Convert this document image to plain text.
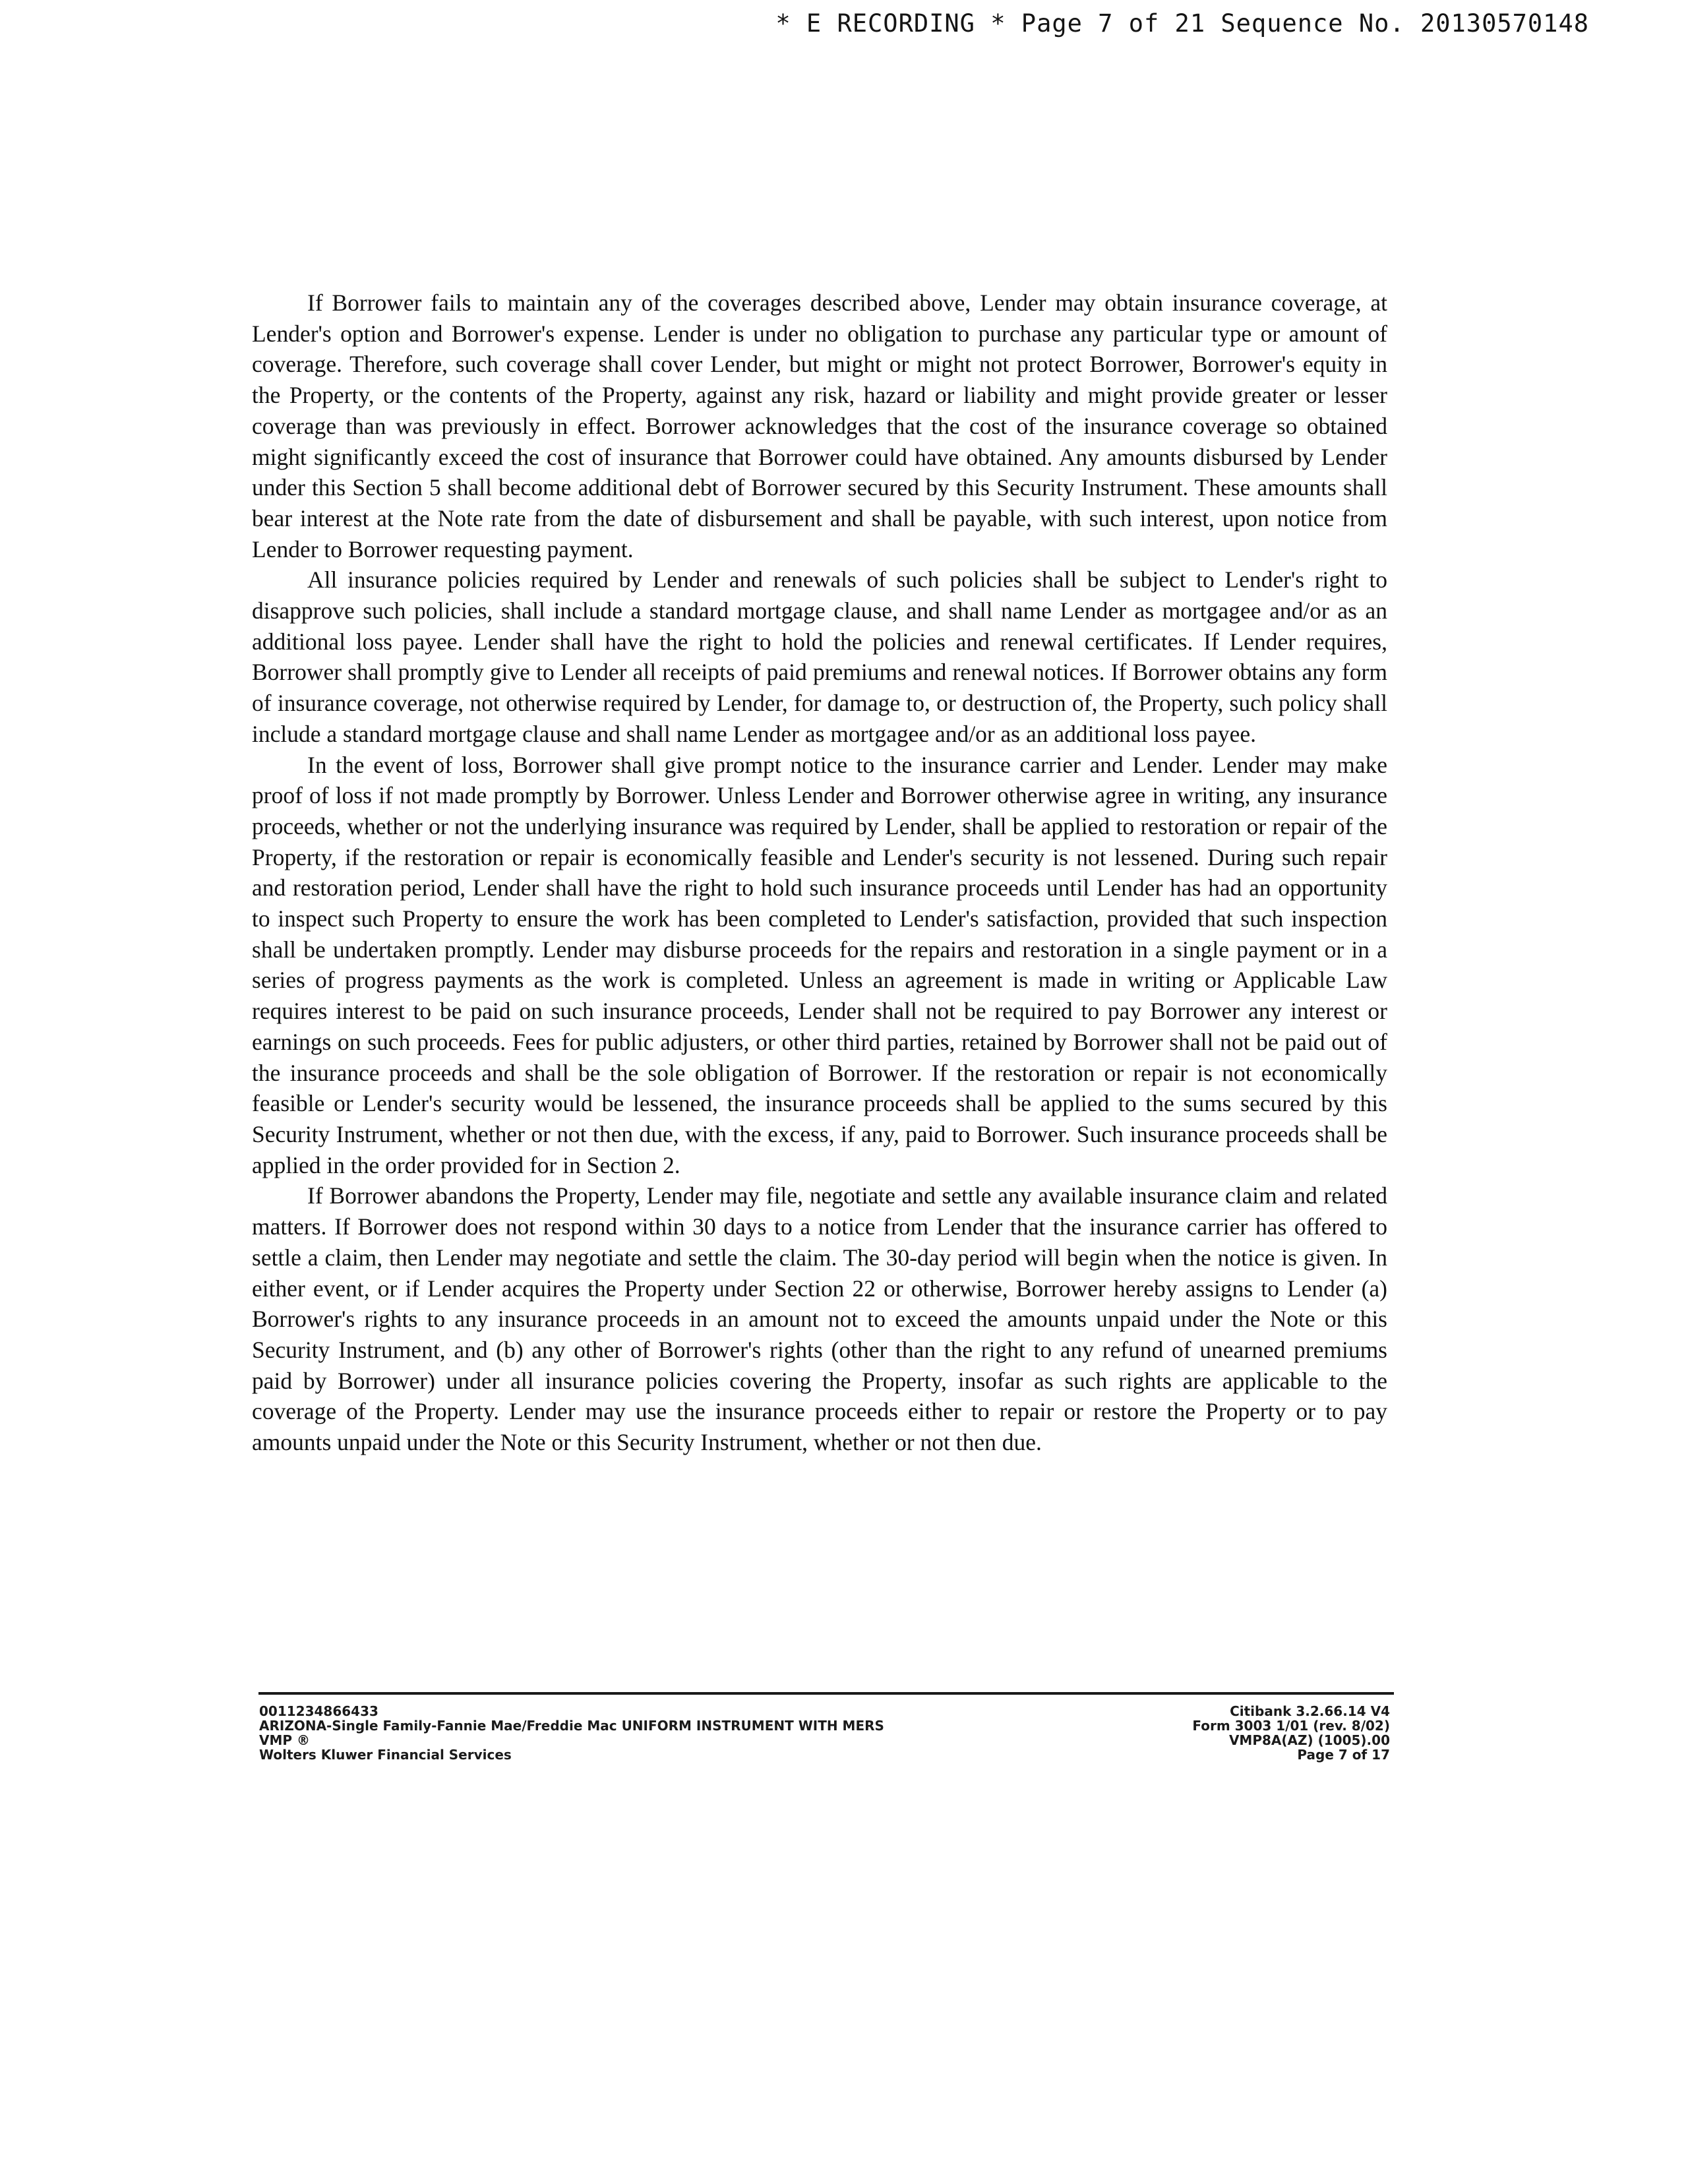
* E RECORDING * Page 7 of 21 Sequence No. 20130570148

If Borrower fails to maintain any of the coverages described above, Lender may obtain insurance coverage, at Lender's option and Borrower's expense. Lender is under no obligation to purchase any particular type or amount of coverage. Therefore, such coverage shall cover Lender, but might or might not protect Borrower, Borrower's equity in the Property, or the contents of the Property, against any risk, hazard or liability and might provide greater or lesser coverage than was previously in effect. Borrower acknowledges that the cost of the insurance coverage so obtained might significantly exceed the cost of insurance that Borrower could have obtained. Any amounts disbursed by Lender under this Section 5 shall become additional debt of Borrower secured by this Security Instrument. These amounts shall bear interest at the Note rate from the date of disbursement and shall be payable, with such interest, upon notice from Lender to Borrower requesting payment.

All insurance policies required by Lender and renewals of such policies shall be subject to Lender's right to disapprove such policies, shall include a standard mortgage clause, and shall name Lender as mortgagee and/or as an additional loss payee. Lender shall have the right to hold the policies and renewal certificates. If Lender requires, Borrower shall promptly give to Lender all receipts of paid premiums and renewal notices. If Borrower obtains any form of insurance coverage, not otherwise required by Lender, for damage to, or destruction of, the Property, such policy shall include a standard mortgage clause and shall name Lender as mortgagee and/or as an additional loss payee.

In the event of loss, Borrower shall give prompt notice to the insurance carrier and Lender. Lender may make proof of loss if not made promptly by Borrower. Unless Lender and Borrower otherwise agree in writing, any insurance proceeds, whether or not the underlying insurance was required by Lender, shall be applied to restoration or repair of the Property, if the restoration or repair is economically feasible and Lender's security is not lessened. During such repair and restoration period, Lender shall have the right to hold such insurance proceeds until Lender has had an opportunity to inspect such Property to ensure the work has been completed to Lender's satisfaction, provided that such inspection shall be undertaken promptly. Lender may disburse proceeds for the repairs and restoration in a single payment or in a series of progress payments as the work is completed. Unless an agreement is made in writing or Applicable Law requires interest to be paid on such insurance proceeds, Lender shall not be required to pay Borrower any interest or earnings on such proceeds. Fees for public adjusters, or other third parties, retained by Borrower shall not be paid out of the insurance proceeds and shall be the sole obligation of Borrower. If the restoration or repair is not economically feasible or Lender's security would be lessened, the insurance proceeds shall be applied to the sums secured by this Security Instrument, whether or not then due, with the excess, if any, paid to Borrower. Such insurance proceeds shall be applied in the order provided for in Section 2.

If Borrower abandons the Property, Lender may file, negotiate and settle any available insurance claim and related matters. If Borrower does not respond within 30 days to a notice from Lender that the insurance carrier has offered to settle a claim, then Lender may negotiate and settle the claim. The 30-day period will begin when the notice is given. In either event, or if Lender acquires the Property under Section 22 or otherwise, Borrower hereby assigns to Lender (a) Borrower's rights to any insurance proceeds in an amount not to exceed the amounts unpaid under the Note or this Security Instrument, and (b) any other of Borrower's rights (other than the right to any refund of unearned premiums paid by Borrower) under all insurance policies covering the Property, insofar as such rights are applicable to the coverage of the Property. Lender may use the insurance proceeds either to repair or restore the Property or to pay amounts unpaid under the Note or this Security Instrument, whether or not then due.

0011234866433
ARIZONA-Single Family-Fannie Mae/Freddie Mac UNIFORM INSTRUMENT WITH MERS
VMP ®
Wolters Kluwer Financial Services
Citibank 3.2.66.14 V4
Form 3003 1/01 (rev. 8/02)
VMP8A(AZ) (1005).00
Page 7 of 17
